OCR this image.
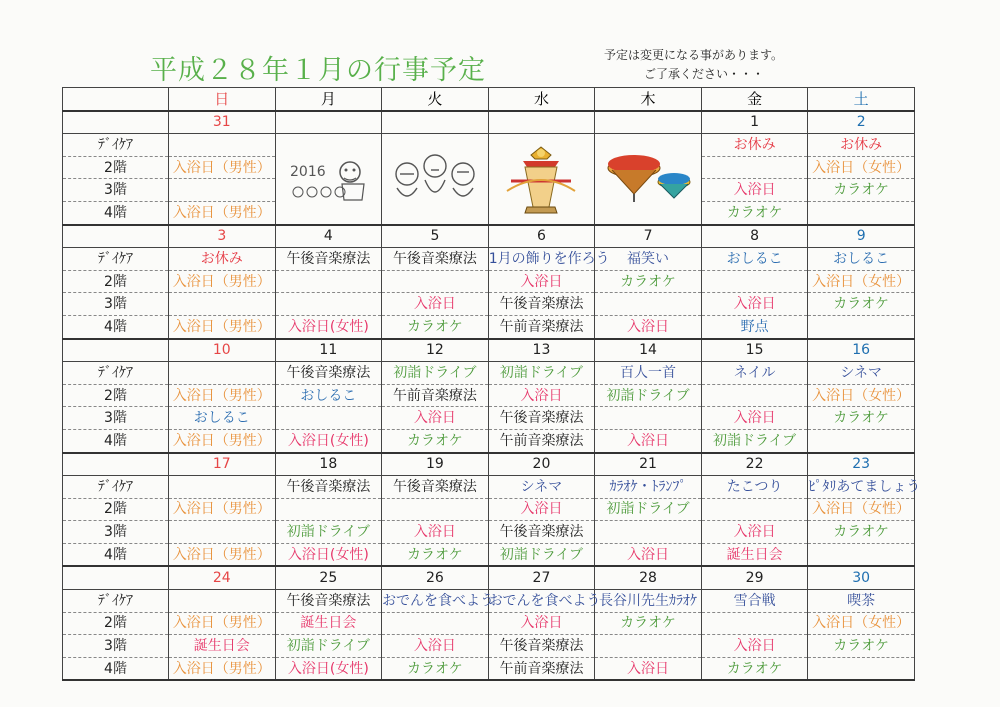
平成２８年１月の行事予定	予定は変更になる事があります。
ご了承ください・・・
	日	月	火	水	木	金	土
	31					1	2
ﾃﾞｲｹｱ		2016				お休み	お休み
2階	入浴日（男性）						入浴日（女性）
3階						入浴日	カラオケ
4階	入浴日（男性）					カラオケ	
	3	4	5	6	7	8	9
ﾃﾞｲｹｱ	お休み	午後音楽療法	午後音楽療法	1月の飾りを作ろう	福笑い	おしるこ	おしるこ
2階	入浴日（男性）			入浴日	カラオケ		入浴日（女性）
3階			入浴日	午後音楽療法		入浴日	カラオケ
4階	入浴日（男性）	入浴日(女性)	カラオケ	午前音楽療法	入浴日	野点	
	10	11	12	13	14	15	16
ﾃﾞｲｹｱ		午後音楽療法	初詣ドライブ	初詣ドライブ	百人一首	ネイル	シネマ
2階	入浴日（男性）	おしるこ	午前音楽療法	入浴日	初詣ドライブ		入浴日（女性）
3階	おしるこ		入浴日	午後音楽療法		入浴日	カラオケ
4階	入浴日（男性）	入浴日(女性)	カラオケ	午前音楽療法	入浴日	初詣ドライブ	
	17	18	19	20	21	22	23
ﾃﾞｲｹｱ		午後音楽療法	午後音楽療法	シネマ	ｶﾗｵｹ・ﾄﾗﾝﾌﾟ	たこつり	ﾋﾟﾀﾘあてましょう
2階	入浴日（男性）			入浴日	初詣ドライブ		入浴日（女性）
3階		初詣ドライブ	入浴日	午後音楽療法		入浴日	カラオケ
4階	入浴日（男性）	入浴日(女性)	カラオケ	初詣ドライブ	入浴日	誕生日会	
	24	25	26	27	28	29	30
ﾃﾞｲｹｱ		午後音楽療法	おでんを食べよう	おでんを食べよう	長谷川先生ｶﾗｵｹ	雪合戦	喫茶
2階	入浴日（男性）	誕生日会		入浴日	カラオケ		入浴日（女性）
3階	誕生日会	初詣ドライブ	入浴日	午後音楽療法		入浴日	カラオケ
4階	入浴日（男性）	入浴日(女性)	カラオケ	午前音楽療法	入浴日	カラオケ	
